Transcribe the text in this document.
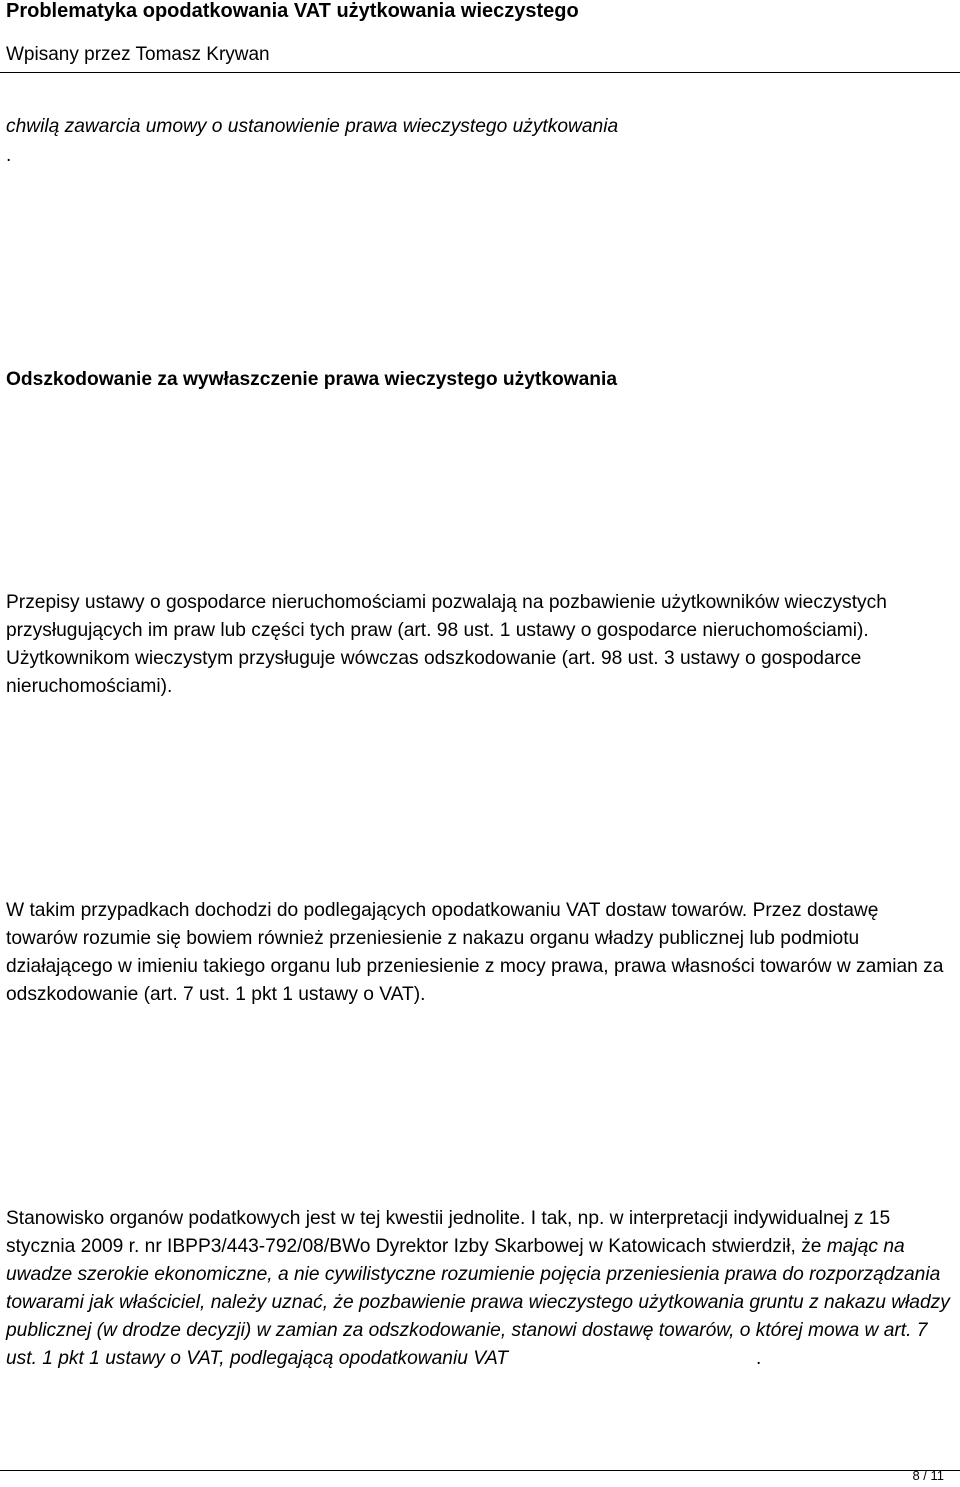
Problematyka opodatkowania VAT użytkowania wieczystego
Wpisany przez Tomasz Krywan
chwilą zawarcia umowy o ustanowienie prawa wieczystego użytkowania
.
Odszkodowanie za wywłaszczenie prawa wieczystego użytkowania
Przepisy ustawy o gospodarce nieruchomościami pozwalają na pozbawienie użytkowników wieczystych przysługujących im praw lub części tych praw (art. 98 ust. 1 ustawy o gospodarce nieruchomościami). Użytkownikom wieczystym przysługuje wówczas odszkodowanie (art. 98 ust. 3 ustawy o gospodarce nieruchomościami).
W takim przypadkach dochodzi do podlegających opodatkowaniu VAT dostaw towarów. Przez dostawę towarów rozumie się bowiem również przeniesienie z nakazu organu władzy publicznej lub podmiotu działającego w imieniu takiego organu lub przeniesienie z mocy prawa, prawa własności towarów w zamian za odszkodowanie (art. 7 ust. 1 pkt 1 ustawy o VAT).
Stanowisko organów podatkowych jest w tej kwestii jednolite. I tak, np. w interpretacji indywidualnej z 15 stycznia 2009 r. nr IBPP3/443-792/08/BWo Dyrektor Izby Skarbowej w Katowicach stwierdził, że mając na uwadze szerokie ekonomiczne, a nie cywilistyczne rozumienie pojęcia przeniesienia prawa do rozporządzania towarami jak właściciel, należy uznać, że pozbawienie prawa wieczystego użytkowania gruntu z nakazu władzy publicznej (w drodze decyzji) w zamian za odszkodowanie, stanowi dostawę towarów, o której mowa w art. 7 ust. 1 pkt 1 ustawy o VAT, podlegającą opodatkowaniu VAT	.
8 / 11
